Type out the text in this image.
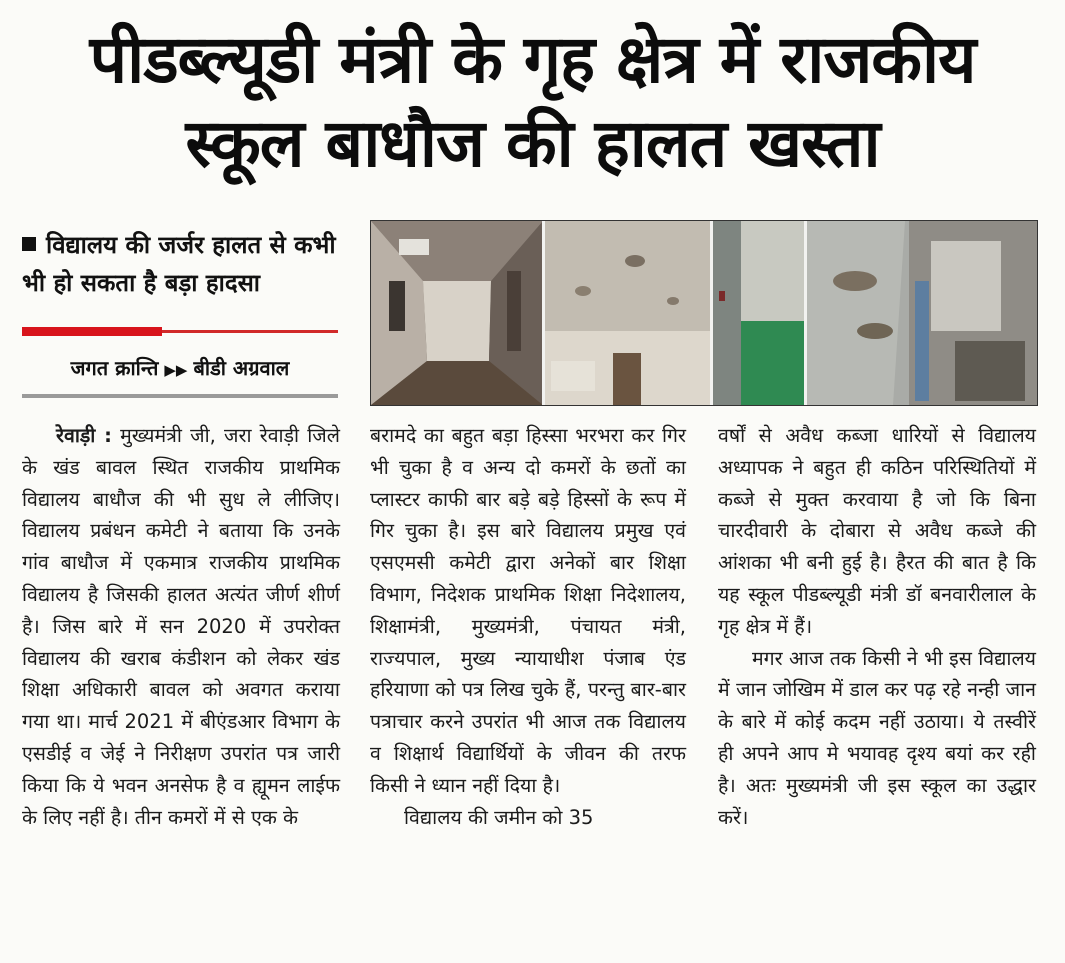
पीडब्ल्यूडी मंत्री के गृह क्षेत्र में राजकीय
स्कूल बाधौज की हालत खस्ता
विद्यालय की जर्जर हालत से कभी भी हो सकता है बड़ा हादसा
जगत क्रान्ति ▶▶ बीडी अग्रवाल

रेवाड़ी : मुख्यमंत्री जी, जरा रेवाड़ी जिले के खंड बावल स्थित राजकीय प्राथमिक विद्यालय बाधौज की भी सुध ले लीजिए। विद्यालय प्रबंधन कमेटी ने बताया कि उनके गांव बाधौज में एकमात्र राजकीय प्राथमिक विद्यालय है जिसकी हालत अत्यंत जीर्ण शीर्ण है। जिस बारे में सन 2020 में उपरोक्त विद्यालय की खराब कंडीशन को लेकर खंड शिक्षा अधिकारी बावल को अवगत कराया गया था। मार्च 2021 में बीएंडआर विभाग के एसडीई व जेई ने निरीक्षण उपरांत पत्र जारी किया कि ये भवन अनसेफ है व ह्यूमन लाईफ के लिए नहीं है। तीन कमरों में से एक के

बरामदे का बहुत बड़ा हिस्सा भरभरा कर गिर भी चुका है व अन्य दो कमरों के छतों का प्लास्टर काफी बार बड़े बड़े हिस्सों के रूप में गिर चुका है। इस बारे विद्यालय प्रमुख एवं एसएमसी कमेटी द्वारा अनेकों बार शिक्षा विभाग, निदेशक प्राथमिक शिक्षा निदेशालय, शिक्षामंत्री, मुख्यमंत्री, पंचायत मंत्री, राज्यपाल, मुख्य न्यायाधीश पंजाब एंड हरियाणा को पत्र लिख चुके हैं, परन्तु बार-बार पत्राचार करने उपरांत भी आज तक विद्यालय व शिक्षार्थ विद्यार्थियों के जीवन की तरफ किसी ने ध्यान नहीं दिया है।

विद्यालय की जमीन को 35

वर्षों से अवैध कब्जा धारियों से विद्यालय अध्यापक ने बहुत ही कठिन परिस्थितियों में कब्जे से मुक्त करवाया है जो कि बिना चारदीवारी के दोबारा से अवैध कब्जे की आंशका भी बनी हुई है। हैरत की बात है कि यह स्कूल पीडब्ल्यूडी मंत्री डॉ बनवारीलाल के गृह क्षेत्र में हैं।

मगर आज तक किसी ने भी इस विद्यालय में जान जोखिम में डाल कर पढ़ रहे नन्ही जान के बारे में कोई कदम नहीं उठाया। ये तस्वीरें ही अपने आप मे भयावह दृश्य बयां कर रही है। अतः मुख्यमंत्री जी इस स्कूल का उद्धार करें।
